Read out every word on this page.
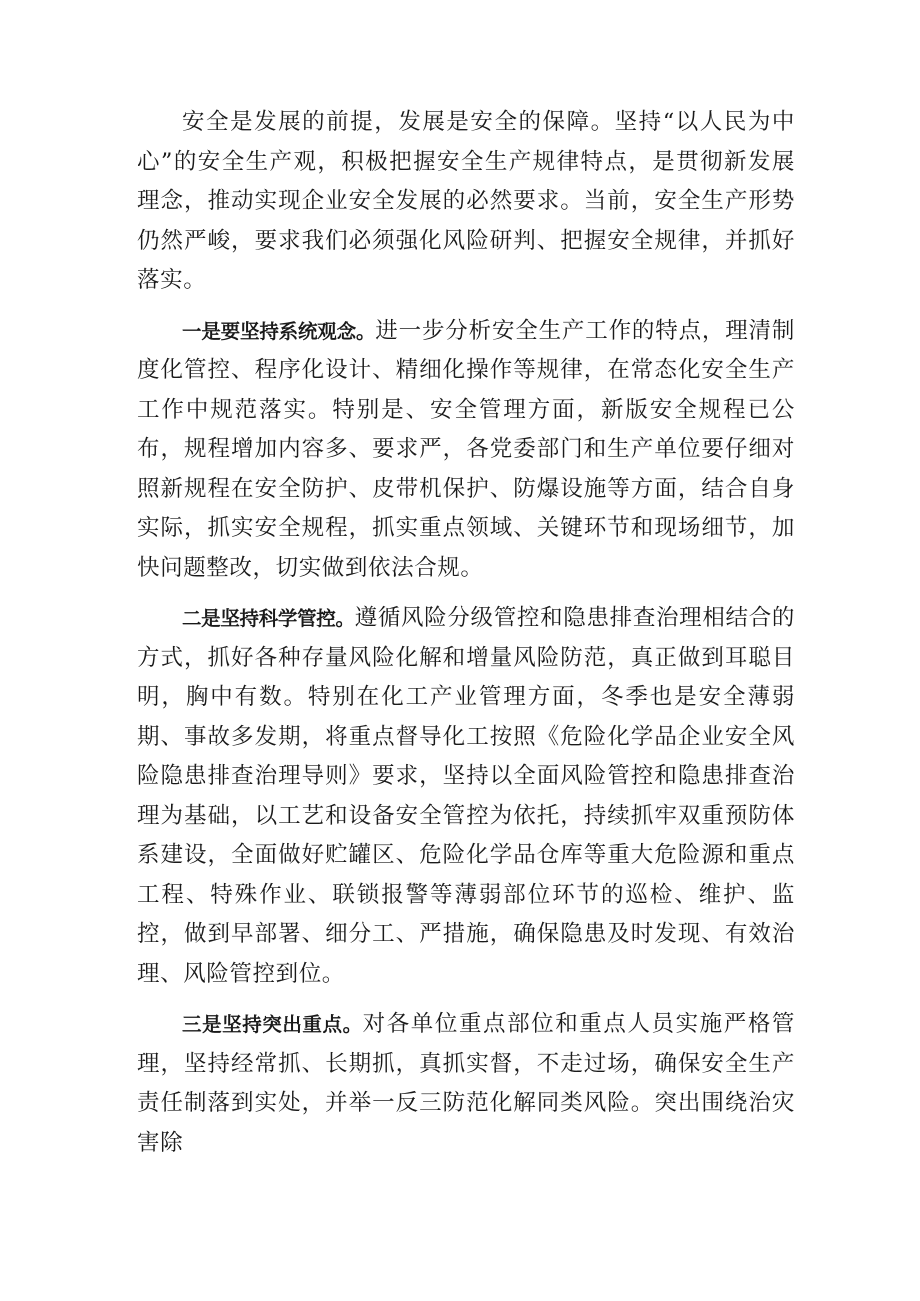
安全是发展的前提，发展是安全的保障。坚持“以人民为中心”的安全生产观，积极把握安全生产规律特点，是贯彻新发展理念，推动实现企业安全发展的必然要求。当前，安全生产形势仍然严峻，要求我们必须强化风险研判、把握安全规律，并抓好落实。

一是要坚持系统观念。进一步分析安全生产工作的特点，理清制度化管控、程序化设计、精细化操作等规律，在常态化安全生产工作中规范落实。特别是、安全管理方面，新版安全规程已公布，规程增加内容多、要求严，各党委部门和生产单位要仔细对照新规程在安全防护、皮带机保护、防爆设施等方面，结合自身实际，抓实安全规程，抓实重点领域、关键环节和现场细节，加快问题整改，切实做到依法合规。

二是坚持科学管控。遵循风险分级管控和隐患排查治理相结合的方式，抓好各种存量风险化解和增量风险防范，真正做到耳聪目明，胸中有数。特别在化工产业管理方面，冬季也是安全薄弱期、事故多发期，将重点督导化工按照《危险化学品企业安全风险隐患排查治理导则》要求，坚持以全面风险管控和隐患排查治理为基础，以工艺和设备安全管控为依托，持续抓牢双重预防体系建设，全面做好贮罐区、危险化学品仓库等重大危险源和重点工程、特殊作业、联锁报警等薄弱部位环节的巡检、维护、监控，做到早部署、细分工、严措施，确保隐患及时发现、有效治理、风险管控到位。

三是坚持突出重点。对各单位重点部位和重点人员实施严格管理，坚持经常抓、长期抓，真抓实督，不走过场，确保安全生产责任制落到实处，并举一反三防范化解同类风险。突出围绕治灾害除
